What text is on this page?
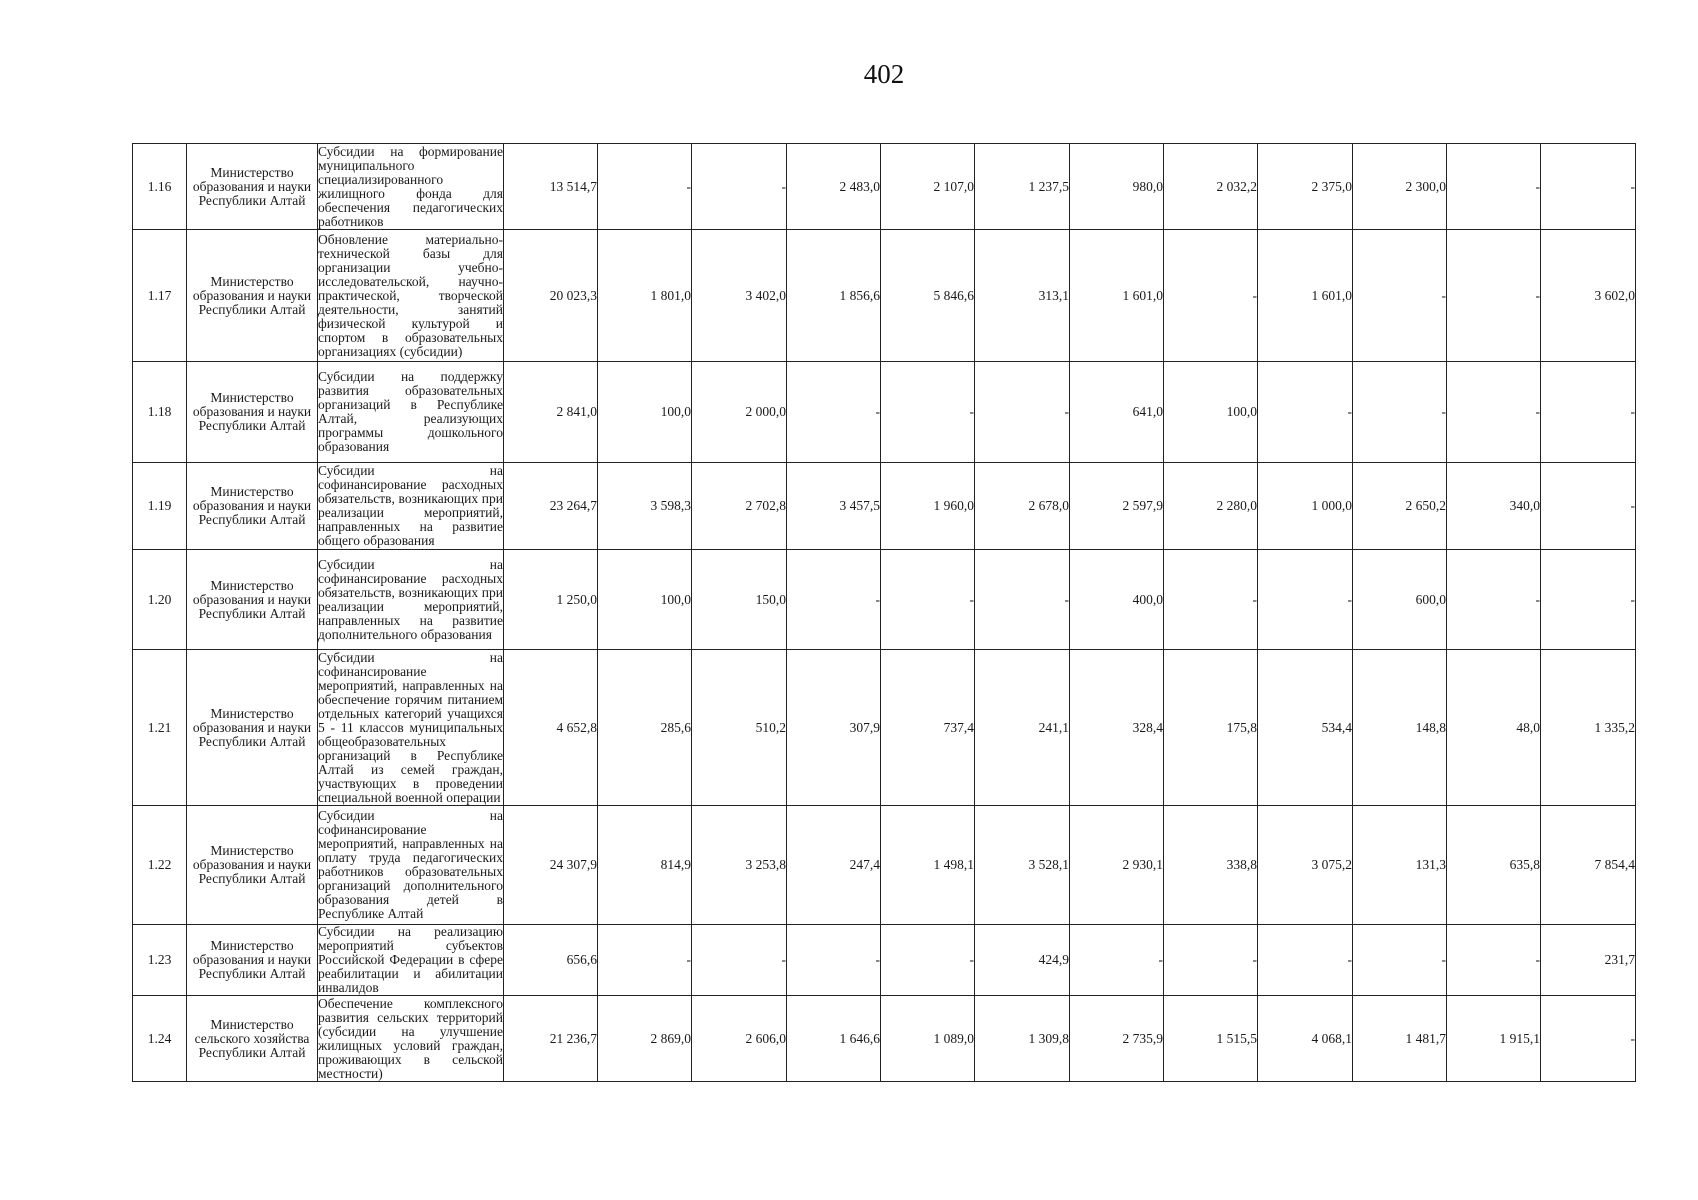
402
1.16	Министерство образования и науки Республики Алтай	Субсидии на формирование муниципального специализированного жилищного фонда для обеспечения педагогических работников	13 514,7	-	-	2 483,0	2 107,0	1 237,5	980,0	2 032,2	2 375,0	2 300,0	-	-
1.17	Министерство образования и науки Республики Алтай	Обновление материально-технической базы для организации учебно-исследовательской, научно-практической, творческой деятельности, занятий физической культурой и спортом в образовательных организациях (субсидии)	20 023,3	1 801,0	3 402,0	1 856,6	5 846,6	313,1	1 601,0	-	1 601,0	-	-	3 602,0
1.18	Министерство образования и науки Республики Алтай	Субсидии на поддержку развития образовательных организаций в Республике Алтай, реализующих программы дошкольного образования	2 841,0	100,0	2 000,0	-	-	-	641,0	100,0	-	-	-	-
1.19	Министерство образования и науки Республики Алтай	Субсидии на софинансирование расходных обязательств, возникающих при реализации мероприятий, направленных на развитие общего образования	23 264,7	3 598,3	2 702,8	3 457,5	1 960,0	2 678,0	2 597,9	2 280,0	1 000,0	2 650,2	340,0	-
1.20	Министерство образования и науки Республики Алтай	Субсидии на софинансирование расходных обязательств, возникающих при реализации мероприятий, направленных на развитие дополнительного образования	1 250,0	100,0	150,0	-	-	-	400,0	-	-	600,0	-	-
1.21	Министерство образования и науки Республики Алтай	Субсидии на софинансирование мероприятий, направленных на обеспечение горячим питанием отдельных категорий учащихся 5 - 11 классов муниципальных общеобразовательных организаций в Республике Алтай из семей граждан, участвующих в проведении специальной военной операции	4 652,8	285,6	510,2	307,9	737,4	241,1	328,4	175,8	534,4	148,8	48,0	1 335,2
1.22	Министерство образования и науки Республики Алтай	Субсидии на софинансирование мероприятий, направленных на оплату труда педагогических работников образовательных организаций дополнительного образования детей в Республике Алтай	24 307,9	814,9	3 253,8	247,4	1 498,1	3 528,1	2 930,1	338,8	3 075,2	131,3	635,8	7 854,4
1.23	Министерство образования и науки Республики Алтай	Субсидии на реализацию мероприятий субъектов Российской Федерации в сфере реабилитации и абилитации инвалидов	656,6	-	-	-	-	424,9	-	-	-	-	-	231,7
1.24	Министерство сельского хозяйства Республики Алтай	Обеспечение комплексного развития сельских территорий (субсидии на улучшение жилищных условий граждан, проживающих в сельской местности)	21 236,7	2 869,0	2 606,0	1 646,6	1 089,0	1 309,8	2 735,9	1 515,5	4 068,1	1 481,7	1 915,1	-
